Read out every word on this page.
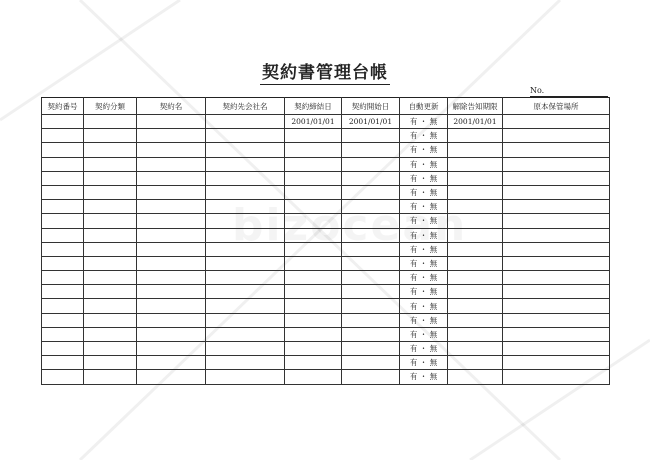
契約書管理台帳
No.
契約番号	契約分類	契約名	契約先会社名	契約締結日	契約開始日	自動更新	解除告知期限	原本保管場所
				2001/01/01	2001/01/01	有 ・ 無	2001/01/01	
						有 ・ 無		
						有 ・ 無		
						有 ・ 無		
						有 ・ 無		
						有 ・ 無		
						有 ・ 無		
						有 ・ 無		
						有 ・ 無		
						有 ・ 無		
						有 ・ 無		
						有 ・ 無		
						有 ・ 無		
						有 ・ 無		
						有 ・ 無		
						有 ・ 無		
						有 ・ 無		
						有 ・ 無		
						有 ・ 無		
